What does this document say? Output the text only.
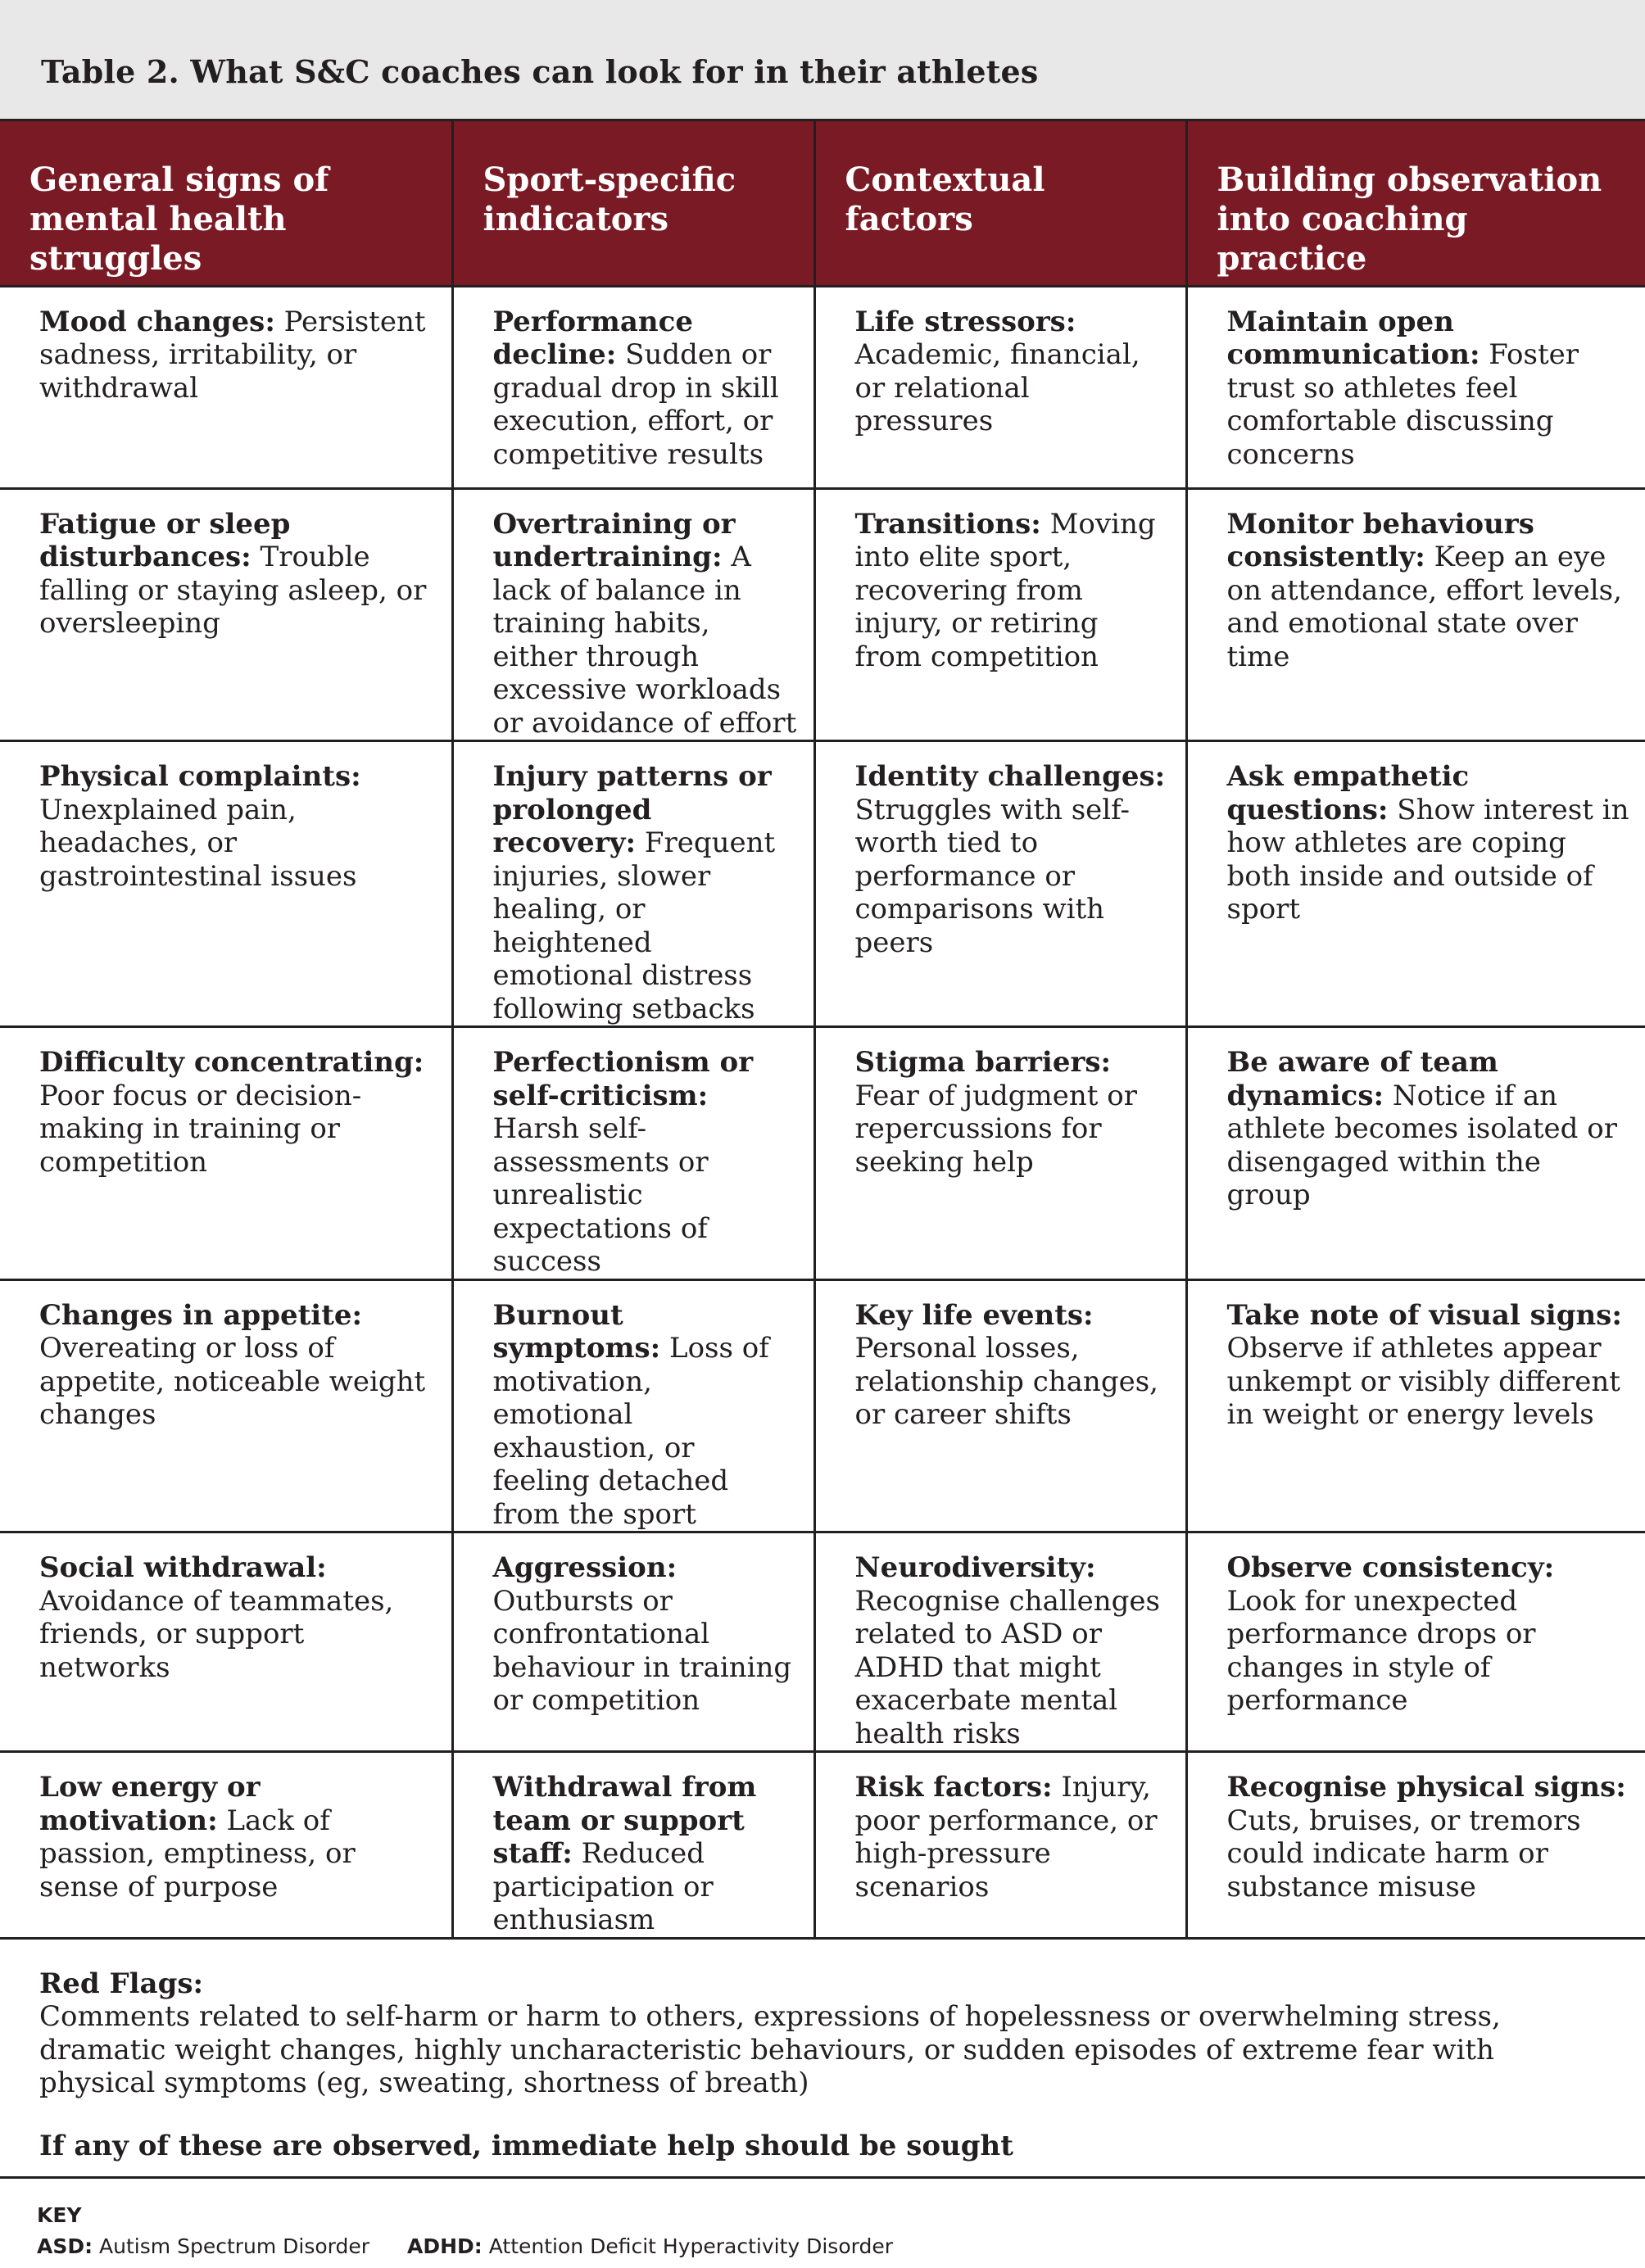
Table 2. What S&C coaches can look for in their athletes
General signs of mental health struggles	Sport-specific indicators	Contextual factors	Building observation into coaching practice
Mood changes: Persistent sadness, irritability, or withdrawal	Performance decline: Sudden or gradual drop in skill execution, effort, or competitive results	Life stressors: Academic, financial, or relational pressures	Maintain open communication: Foster trust so athletes feel comfortable discussing concerns
Fatigue or sleep disturbances: Trouble falling or staying asleep, or oversleeping	Overtraining or undertraining: A lack of balance in training habits, either through excessive workloads or avoidance of effort	Transitions: Moving into elite sport, recovering from injury, or retiring from competition	Monitor behaviours consistently: Keep an eye on attendance, effort levels, and emotional state over time
Physical complaints: Unexplained pain, headaches, or gastrointestinal issues	Injury patterns or prolonged recovery: Frequent injuries, slower healing, or heightened emotional distress following setbacks	Identity challenges: Struggles with self-worth tied to performance or comparisons with peers	Ask empathetic questions: Show interest in how athletes are coping both inside and outside of sport
Difficulty concentrating: Poor focus or decision-making in training or competition	Perfectionism or self-criticism: Harsh self-assessments or unrealistic expectations of success	Stigma barriers: Fear of judgment or repercussions for seeking help	Be aware of team dynamics: Notice if an athlete becomes isolated or disengaged within the group
Changes in appetite: Overeating or loss of appetite, noticeable weight changes	Burnout symptoms: Loss of motivation, emotional exhaustion, or feeling detached from the sport	Key life events: Personal losses, relationship changes, or career shifts	Take note of visual signs: Observe if athletes appear unkempt or visibly different in weight or energy levels
Social withdrawal: Avoidance of teammates, friends, or support networks	Aggression: Outbursts or confrontational behaviour in training or competition	Neurodiversity: Recognise challenges related to ASD or ADHD that might exacerbate mental health risks	Observe consistency: Look for unexpected performance drops or changes in style of performance
Low energy or motivation: Lack of passion, emptiness, or sense of purpose	Withdrawal from team or support staff: Reduced participation or enthusiasm	Risk factors: Injury, poor performance, or high-pressure scenarios	Recognise physical signs: Cuts, bruises, or tremors could indicate harm or substance misuse
Red Flags:
Comments related to self-harm or harm to others, expressions of hopelessness or overwhelming stress, dramatic weight changes, highly uncharacteristic behaviours, or sudden episodes of extreme fear with physical symptoms (eg, sweating, shortness of breath)
If any of these are observed, immediate help should be sought
KEY
ASD: Autism Spectrum Disorder ADHD: Attention Deficit Hyperactivity Disorder
